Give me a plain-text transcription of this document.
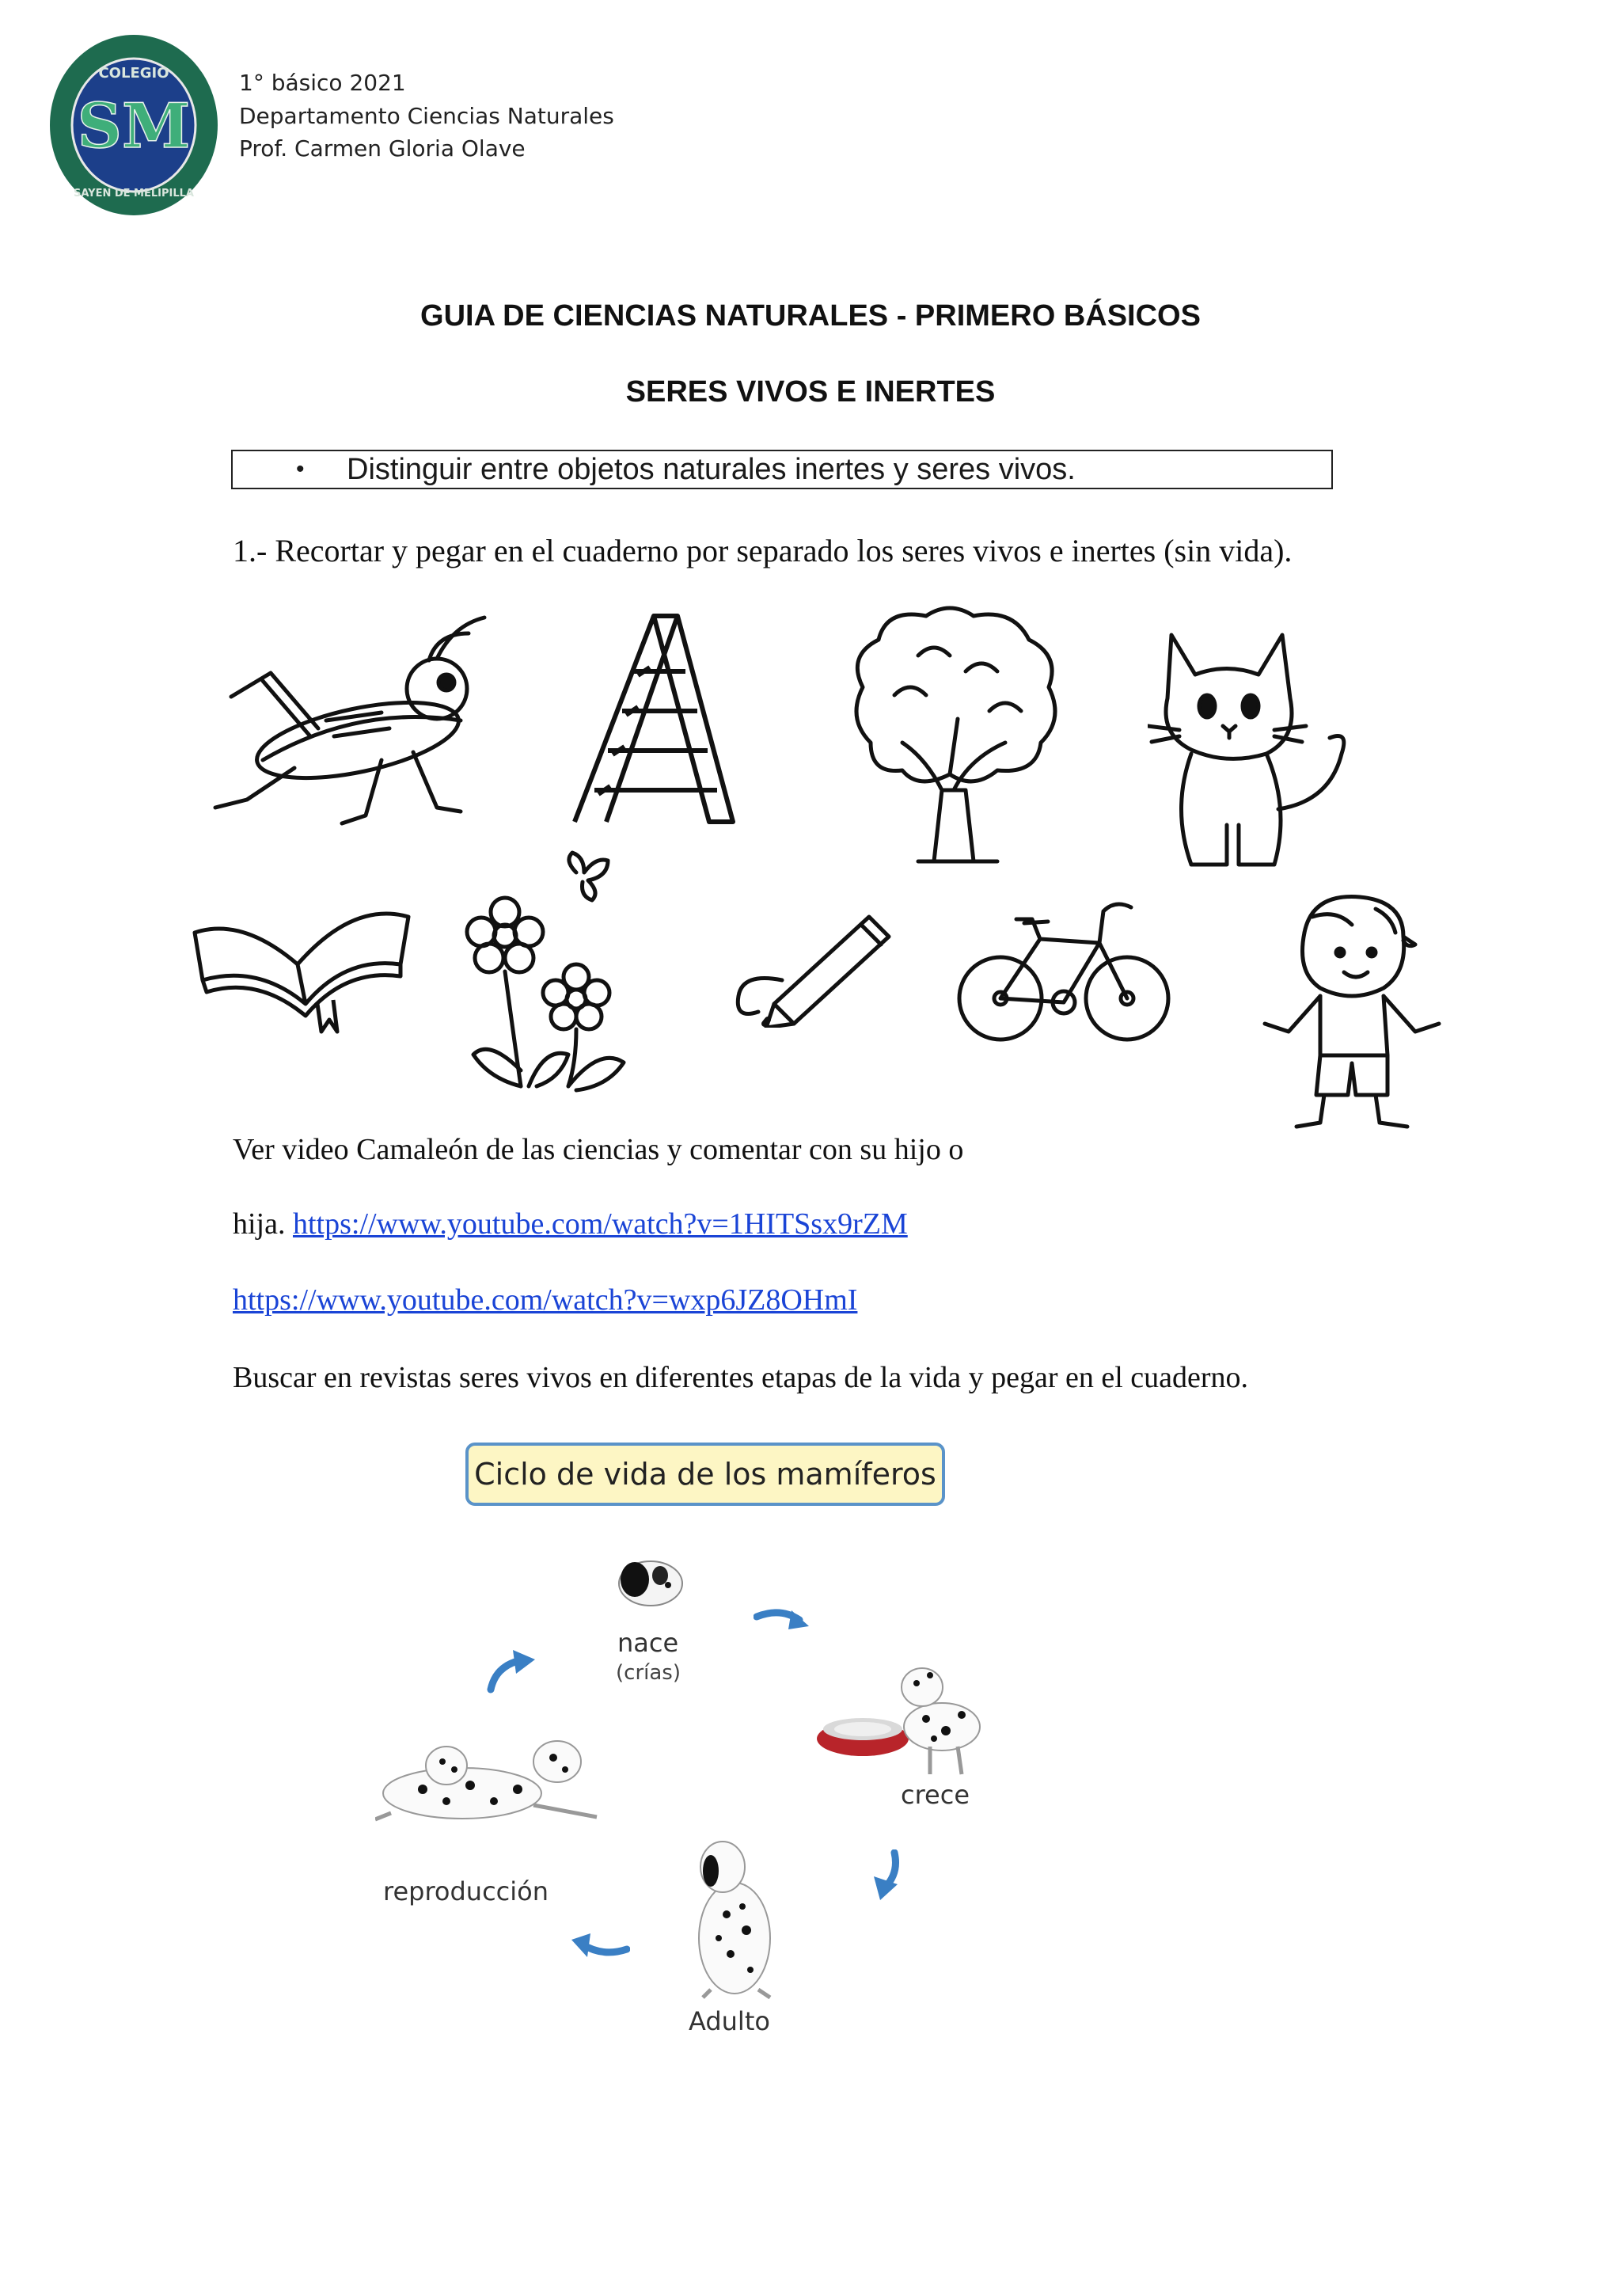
COLEGIO
SAYEN DE MELIPILLA
SM
1° básico 2021
Departamento Ciencias Naturales
Prof. Carmen Gloria Olave
GUIA DE CIENCIAS NATURALES - PRIMERO BÁSICOS
SERES VIVOS E INERTES
• Distinguir entre objetos naturales inertes y seres vivos.
1.- Recortar y pegar en el cuaderno por separado los seres vivos e inertes (sin vida).
Ver video Camaleón de las ciencias y comentar con su hijo o
hija. https://www.youtube.com/watch?v=1HITSsx9rZM
https://www.youtube.com/watch?v=wxp6JZ8OHmI
Buscar en revistas seres vivos en diferentes etapas de la vida y pegar en el cuaderno.
Ciclo de vida de los mamíferos
nace
(crías)
crece
Adulto
reproducción
